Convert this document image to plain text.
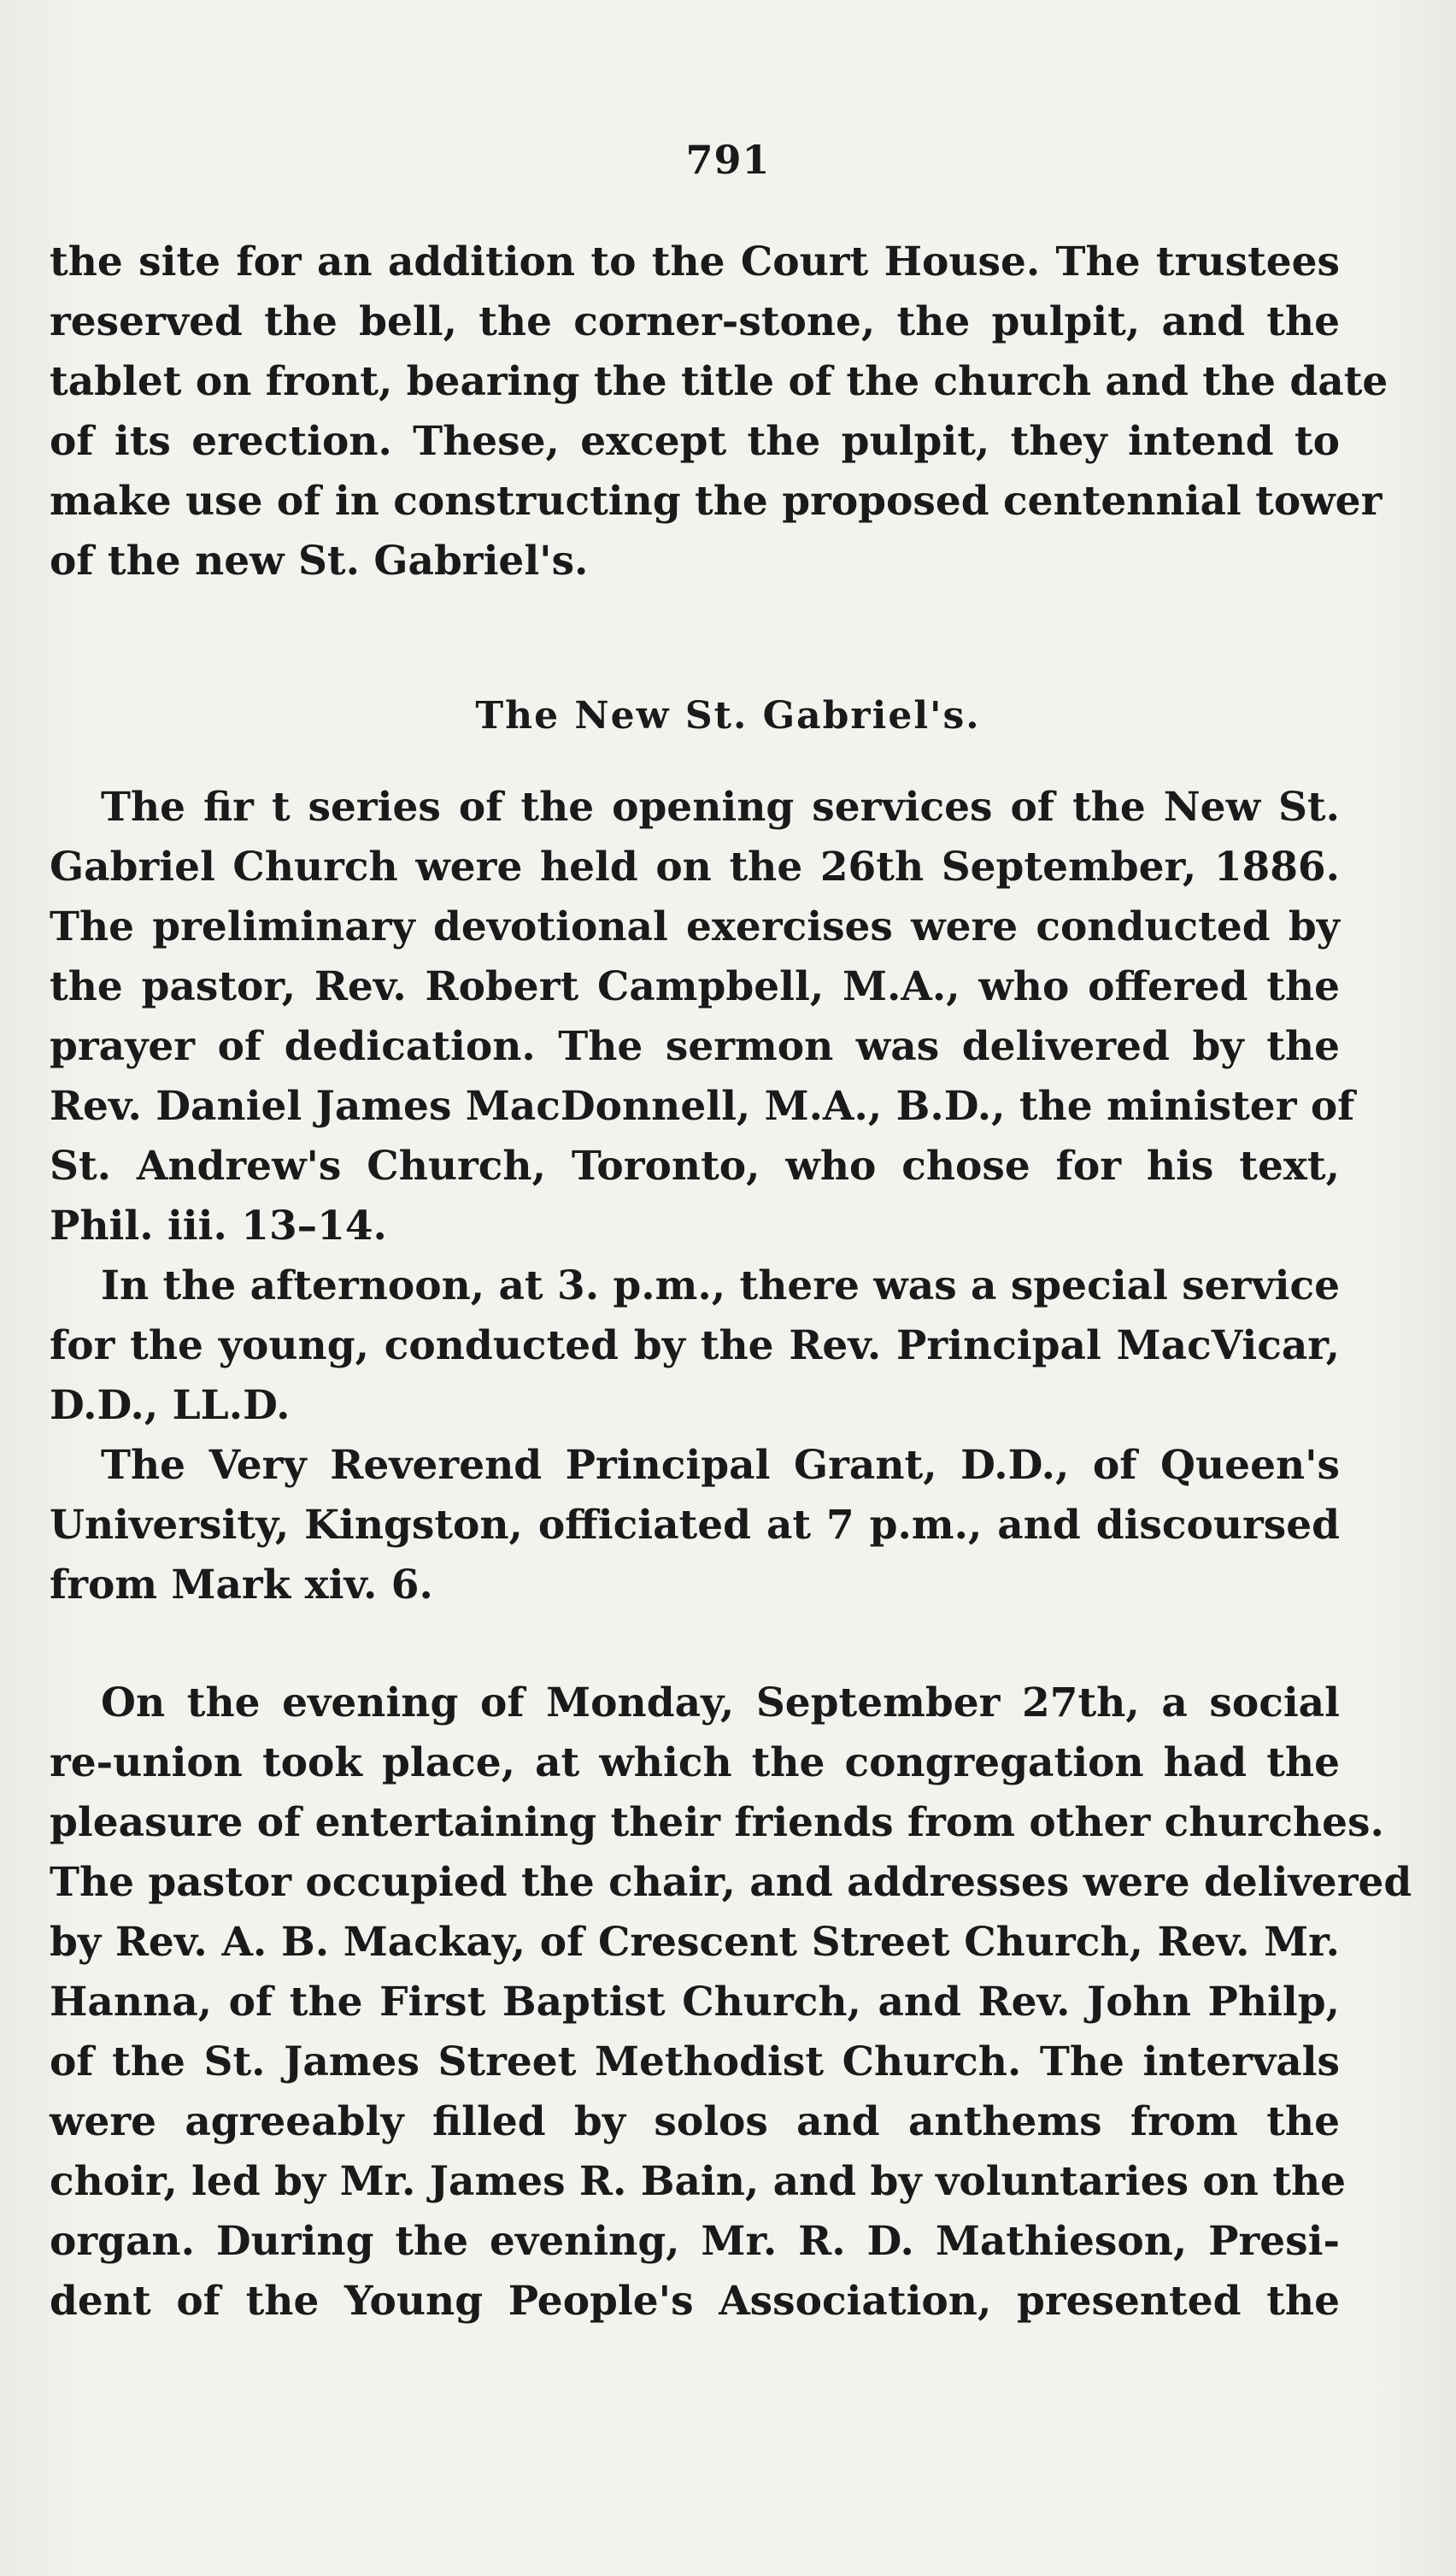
791
the site for an addition to the Court House. The trustees
reserved the bell, the corner-stone, the pulpit, and the
tablet on front, bearing the title of the church and the date
of its erection. These, except the pulpit, they intend to
make use of in constructing the proposed centennial tower
of the new St. Gabriel's.
The New St. Gabriel's.
The fir t series of the opening services of the New St.
Gabriel Church were held on the 26th September, 1886.
The preliminary devotional exercises were conducted by
the pastor, Rev. Robert Campbell, M.A., who offered the
prayer of dedication. The sermon was delivered by the
Rev. Daniel James MacDonnell, M.A., B.D., the minister of
St. Andrew's Church, Toronto, who chose for his text,
Phil. iii. 13–14.
In the afternoon, at 3. p.m., there was a special service
for the young, conducted by the Rev. Principal MacVicar,
D.D., LL.D.
The Very Reverend Principal Grant, D.D., of Queen's
University, Kingston, officiated at 7 p.m., and discoursed
from Mark xiv. 6.
On the evening of Monday, September 27th, a social
re-union took place, at which the congregation had the
pleasure of entertaining their friends from other churches.
The pastor occupied the chair, and addresses were delivered
by Rev. A. B. Mackay, of Crescent Street Church, Rev. Mr.
Hanna, of the First Baptist Church, and Rev. John Philp,
of the St. James Street Methodist Church. The intervals
were agreeably filled by solos and anthems from the
choir, led by Mr. James R. Bain, and by voluntaries on the
organ. During the evening, Mr. R. D. Mathieson, Presi-
dent of the Young People's Association, presented the
